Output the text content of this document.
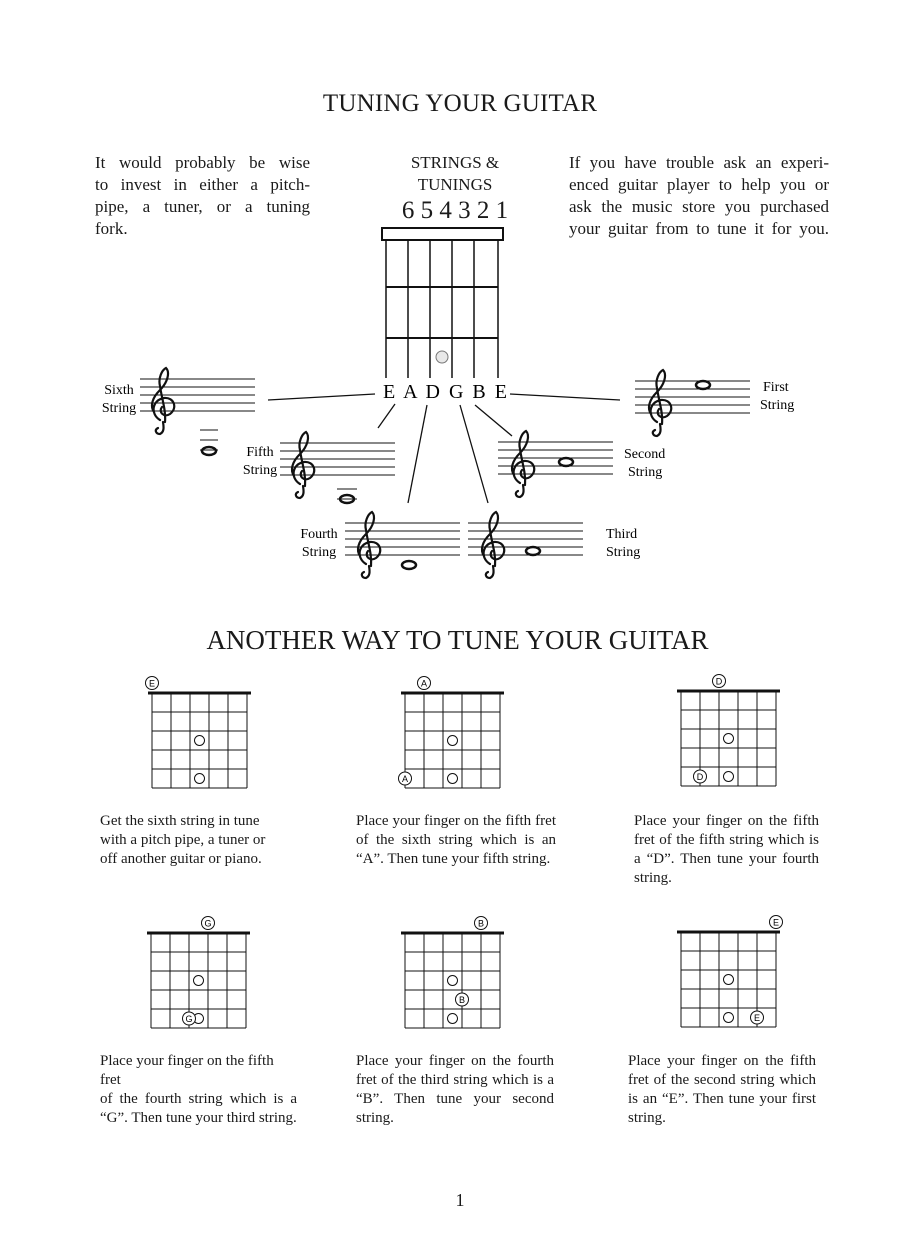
TUNING YOUR GUITAR
ANOTHER WAY TO TUNE YOUR GUITAR
It would probably be wise
to invest in either a pitch-
pipe, a tuner, or a tuning
fork.
STRINGS &
TUNINGS
6 5 4 3 2 1
If you have trouble ask an experi-
enced guitar player to help you or
ask the music store you purchased
your guitar from to tune it for you.
E A D G B E
Sixth
String
Fifth
String
Fourth
String
Third
String
Second
String
First
String
E	A
A
D
D
G
G
B
B
E
E
Get the sixth string in tune
with a pitch pipe, a tuner or
off another guitar or piano.
Place your finger on the fifth fret
of the sixth string which is an
“A”. Then tune your fifth string.
Place your finger on the fifth
fret of the fifth string which is
a “D”. Then tune your fourth
string.
Place your finger on the fifth fret
of the fourth string which is a
“G”. Then tune your third string.
Place your finger on the fourth
fret of the third string which is a
“B”. Then tune your second
string.
Place your finger on the fifth
fret of the second string which
is an “E”. Then tune your first
string.
1
